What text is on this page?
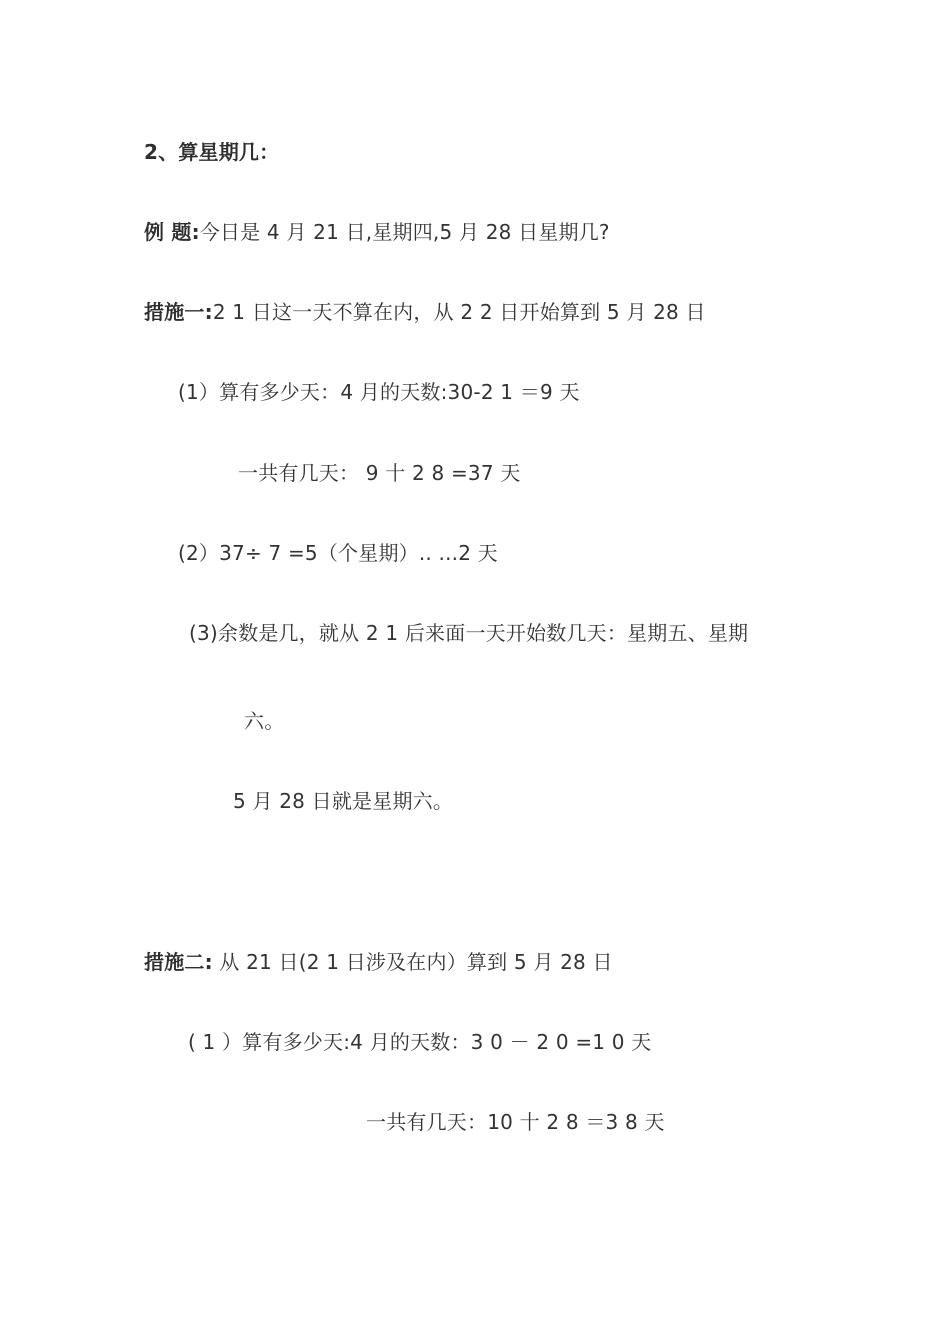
2、算星期几：
例 题:今日是 4 月 21 日,星期四,5 月 28 日星期几?
措施一:2 1 日这一天不算在内，从 2 2 日开始算到 5 月 28 日
(1）算有多少天：4 月的天数:30-2 1 ＝9 天
一共有几天： 9 十 2 8 =37 天
(2）37÷ 7 =5（个星期）.. ...2 天
(3)余数是几，就从 2 1 后来面一天开始数几天：星期五、星期
六。
5 月 28 日就是星期六。
措施二: 从 21 日(2 1 日涉及在内）算到 5 月 28 日
( 1 ）算有多少天:4 月的天数：3 0 － 2 0 =1 0 天
一共有几天：10 十 2 8 ＝3 8 天
